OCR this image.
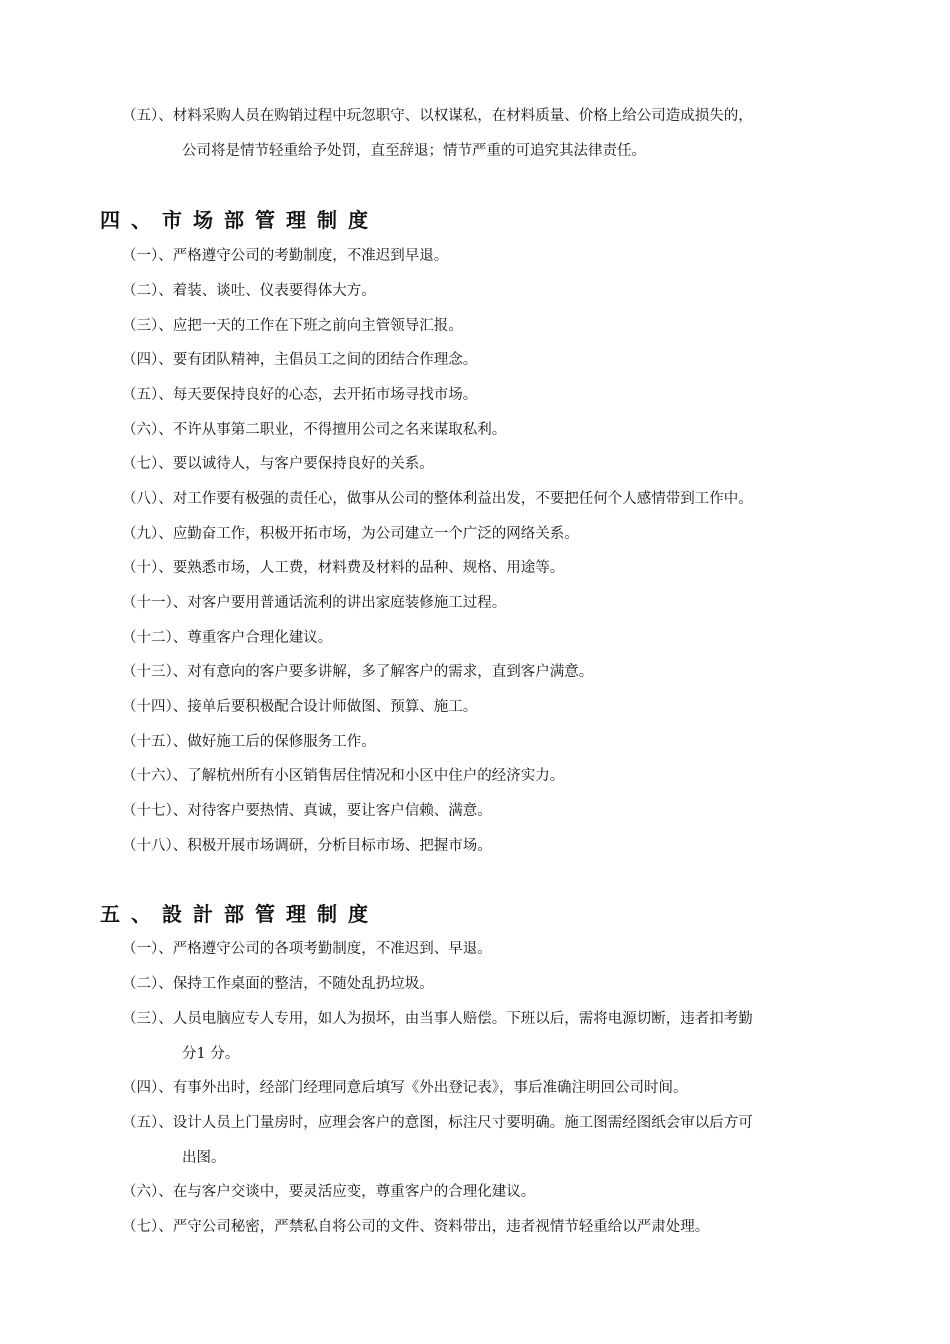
（五）、材料采购人员在购销过程中玩忽职守、以权谋私，在材料质量、价格上给公司造成损失的，
公司将是情节轻重给予处罚，直至辞退；情节严重的可追究其法律责任。
四、市场部管理制度
（一）、严格遵守公司的考勤制度，不准迟到早退。
（二）、着装、谈吐、仪表要得体大方。
（三）、应把一天的工作在下班之前向主管领导汇报。
（四）、要有团队精神，主倡员工之间的团结合作理念。
（五）、每天要保持良好的心态，去开拓市场寻找市场。
（六）、不许从事第二职业，不得擅用公司之名来谋取私利。
（七）、要以诚待人，与客户要保持良好的关系。
（八）、对工作要有极强的责任心，做事从公司的整体利益出发，不要把任何个人感情带到工作中。
（九）、应勤奋工作，积极开拓市场，为公司建立一个广泛的网络关系。
（十）、要熟悉市场，人工费，材料费及材料的品种、规格、用途等。
（十一）、对客户要用普通话流利的讲出家庭装修施工过程。
（十二）、尊重客户合理化建议。
（十三）、对有意向的客户要多讲解，多了解客户的需求，直到客户满意。
（十四）、接单后要积极配合设计师做图、预算、施工。
（十五）、做好施工后的保修服务工作。
（十六）、了解杭州所有小区销售居住情况和小区中住户的经济实力。
（十七）、对待客户要热情、真诚，要让客户信赖、满意。
（十八）、积极开展市场调研，分析目标市场、把握市场。
五、設計部管理制度
（一）、严格遵守公司的各项考勤制度，不准迟到、早退。
（二）、保持工作桌面的整洁，不随处乱扔垃圾。
（三）、人员电脑应专人专用，如人为损坏，由当事人赔偿。下班以后，需将电源切断，违者扣考勤
分1 分。
（四）、有事外出时，经部门经理同意后填写《外出登记表》，事后准确注明回公司时间。
（五）、设计人员上门量房时，应理会客户的意图，标注尺寸要明确。施工图需经图纸会审以后方可
出图。
（六）、在与客户交谈中，要灵活应变，尊重客户的合理化建议。
（七）、严守公司秘密，严禁私自将公司的文件、资料带出，违者视情节轻重给以严肃处理。
